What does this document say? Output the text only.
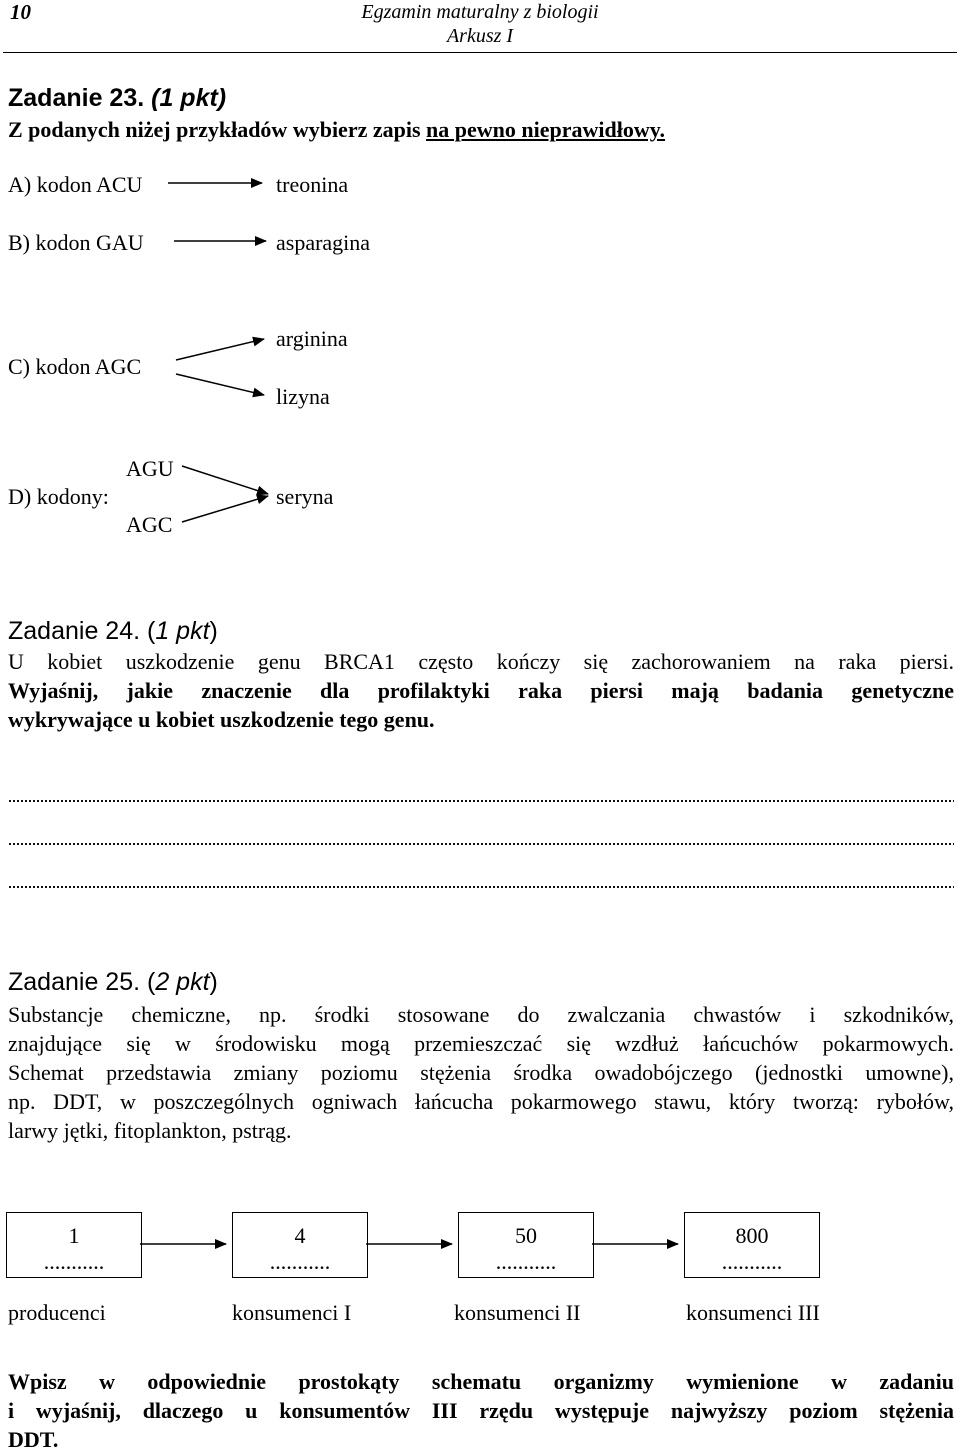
10	Egzamin maturalny z biologii
Arkusz I
Zadanie 23. (1 pkt)
Z podanych niżej przykładów wybierz zapis na pewno nieprawidłowy.
A) kodon ACU	treonina
B) kodon GAU	asparagina
C) kodon AGC
arginina
lizyna
D) kodony:
AGU
AGC
seryna
Zadanie 24. (1 pkt)
U kobiet uszkodzenie genu BRCA1 często kończy się zachorowaniem na raka piersi.
Wyjaśnij, jakie znaczenie dla profilaktyki raka piersi mają badania genetyczne
wykrywające u kobiet uszkodzenie tego genu.
Zadanie 25. (2 pkt)
Substancje chemiczne, np. środki stosowane do zwalczania chwastów i szkodników,
znajdujące się w środowisku mogą przemieszczać się wzdłuż łańcuchów pokarmowych.
Schemat przedstawia zmiany poziomu stężenia środka owadobójczego (jednostki umowne),
np. DDT, w poszczególnych ogniwach łańcucha pokarmowego stawu, który tworzą: rybołów,
larwy jętki, fitoplankton, pstrąg.
1
...........
4
...........
50
...........
800
...........
producenci	konsumenci I	konsumenci II	konsumenci III
Wpisz w odpowiednie prostokąty schematu organizmy wymienione w zadaniu
i wyjaśnij, dlaczego u konsumentów III rzędu występuje najwyższy poziom stężenia
DDT.
